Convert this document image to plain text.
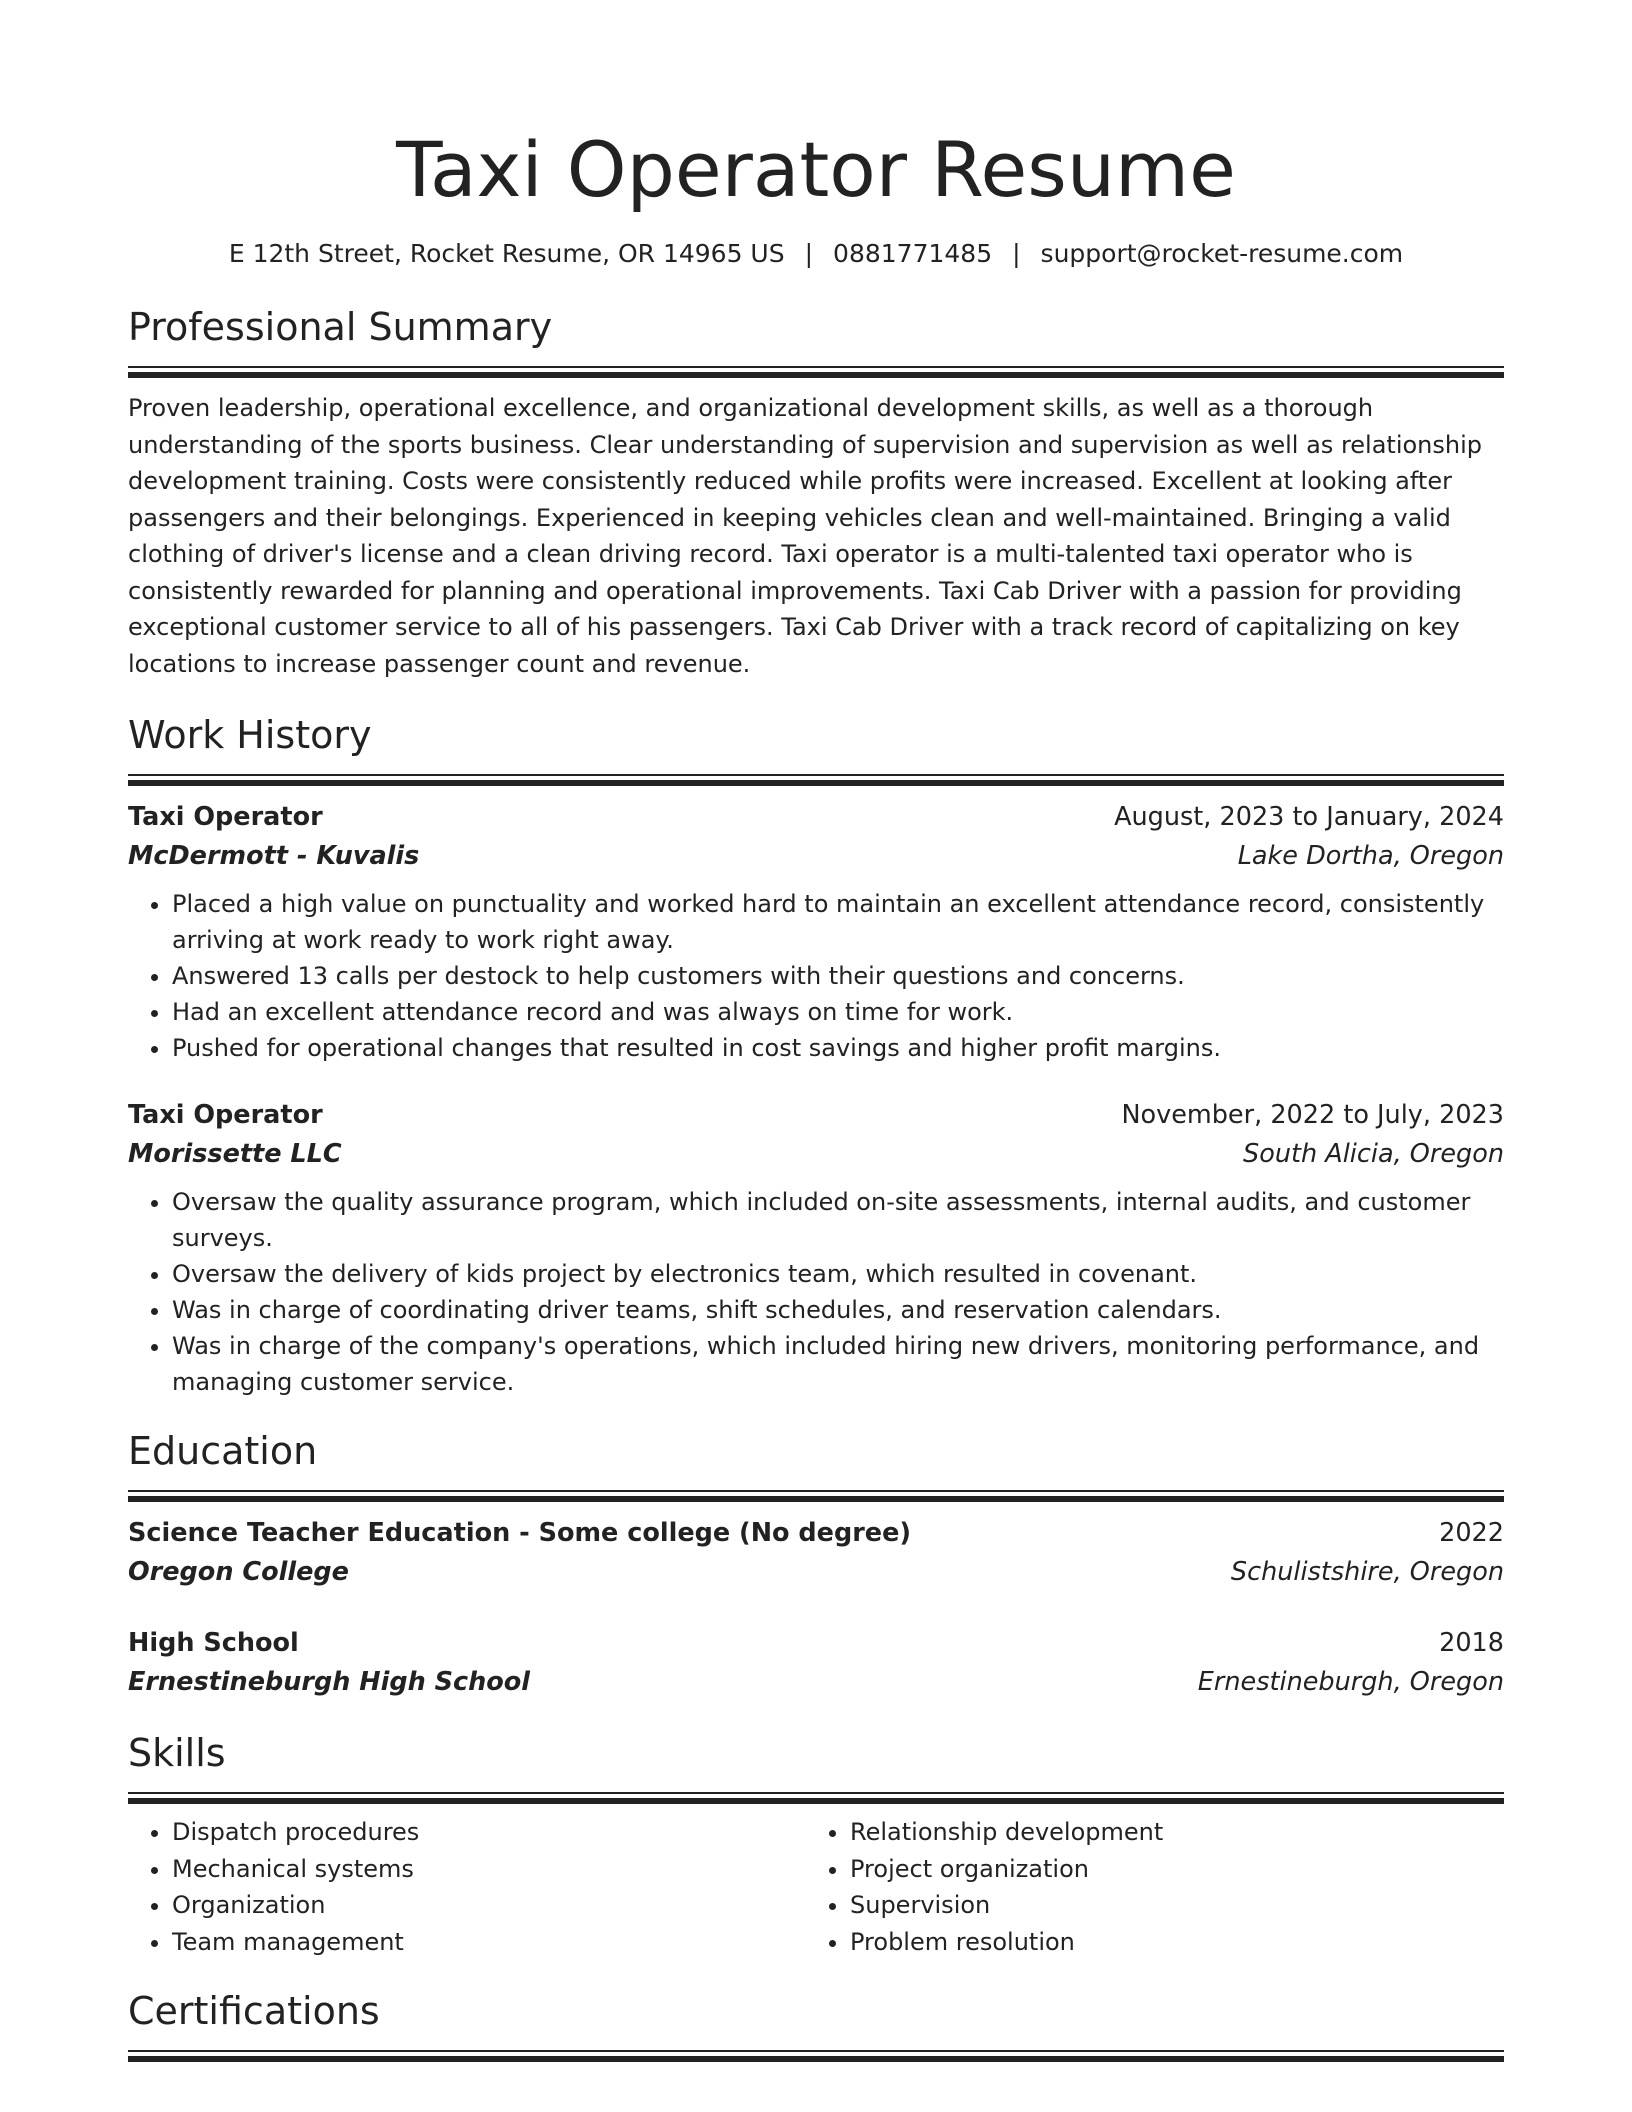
Taxi Operator Resume
E 12th Street, Rocket Resume, OR 14965 US | 0881771485 | support@rocket-resume.com
Professional Summary
Proven leadership, operational excellence, and organizational development skills, as well as a thorough understanding of the sports business. Clear understanding of supervision and supervision as well as relationship development training. Costs were consistently reduced while profits were increased. Excellent at looking after passengers and their belongings. Experienced in keeping vehicles clean and well-maintained. Bringing a valid clothing of driver's license and a clean driving record. Taxi operator is a multi-talented taxi operator who is consistently rewarded for planning and operational improvements. Taxi Cab Driver with a passion for providing exceptional customer service to all of his passengers. Taxi Cab Driver with a track record of capitalizing on key locations to increase passenger count and revenue.
Work History
Taxi Operator	August, 2023 to January, 2024
McDermott - Kuvalis	Lake Dortha, Oregon
• Placed a high value on punctuality and worked hard to maintain an excellent attendance record, consistently arriving at work ready to work right away.
• Answered 13 calls per destock to help customers with their questions and concerns.
• Had an excellent attendance record and was always on time for work.
• Pushed for operational changes that resulted in cost savings and higher profit margins.
Taxi Operator	November, 2022 to July, 2023
Morissette LLC	South Alicia, Oregon
• Oversaw the quality assurance program, which included on-site assessments, internal audits, and customer surveys.
• Oversaw the delivery of kids project by electronics team, which resulted in covenant.
• Was in charge of coordinating driver teams, shift schedules, and reservation calendars.
• Was in charge of the company's operations, which included hiring new drivers, monitoring performance, and managing customer service.
Education
Science Teacher Education - Some college (No degree)	2022
Oregon College	Schulistshire, Oregon
High School	2018
Ernestineburgh High School	Ernestineburgh, Oregon
Skills
• Dispatch procedures
• Mechanical systems
• Organization
• Team management
• Relationship development
• Project organization
• Supervision
• Problem resolution
Certifications
